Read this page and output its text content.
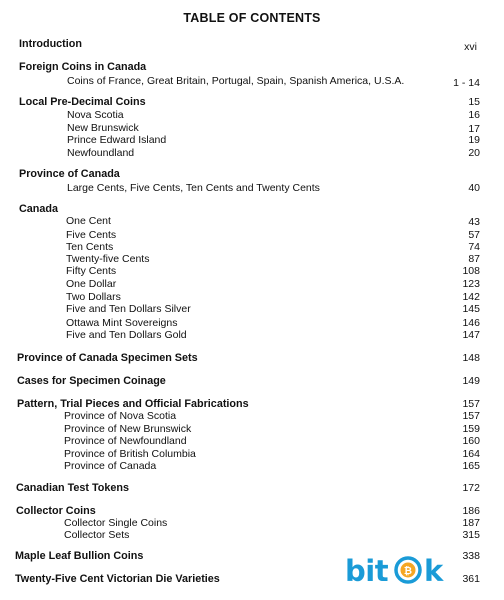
TABLE OF CONTENTS
Introduction	xvi
Foreign Coins in Canada
Coins of France, Great Britain, Portugal, Spain, Spanish America, U.S.A.	1 - 14
Local Pre-Decimal Coins	15
Nova Scotia	16
New Brunswick	17
Prince Edward Island	19
Newfoundland	20
Province of Canada
Large Cents, Five Cents, Ten Cents and Twenty Cents	40
Canada
One Cent	43
Five Cents	57
Ten Cents	74
Twenty-five Cents	87
Fifty Cents	108
One Dollar	123
Two Dollars	142
Five and Ten Dollars Silver	145
Ottawa Mint Sovereigns	146
Five and Ten Dollars Gold	147
Province of Canada Specimen Sets	148
Cases for Specimen Coinage	149
Pattern, Trial Pieces and Official Fabrications	157
Province of Nova Scotia	157
Province of New Brunswick	159
Province of Newfoundland	160
Province of British Columbia	164
Province of Canada	165
Canadian Test Tokens	172
Collector Coins	186
Collector Single Coins	187
Collector Sets	315
Maple Leaf Bullion Coins	338
Twenty-Five Cent Victorian Die Varieties	361
bit ₿ k
